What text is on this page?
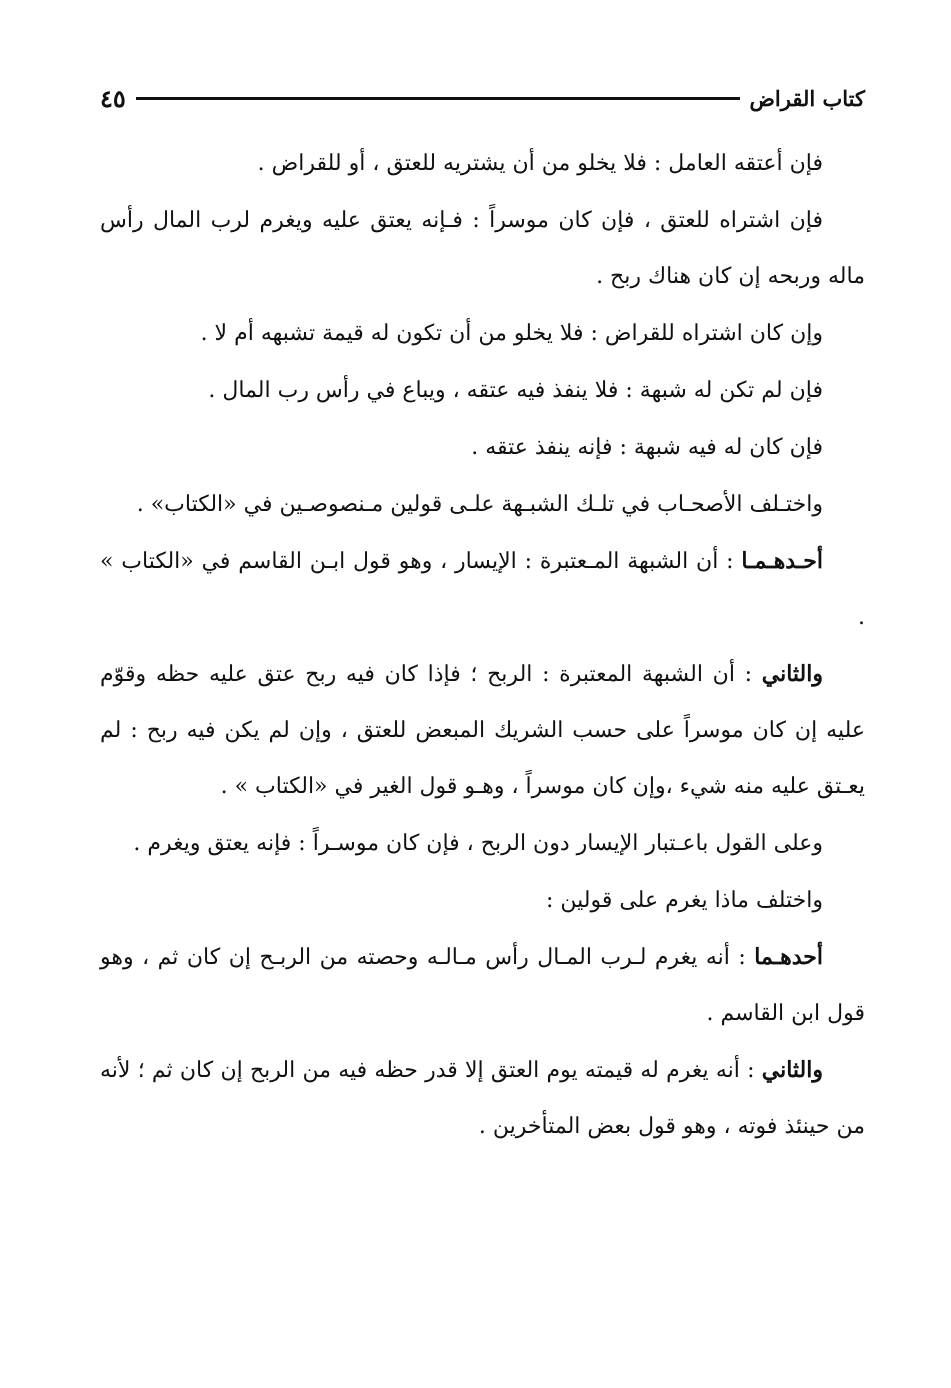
كتاب القراض
٤٥

فإن أعتقه العامل : فلا يخلو من أن يشتريه للعتق ، أو للقراض .

فإن اشتراه للعتق ، فإن كان موسراً : فـإنه يعتق عليه ويغرم لرب المال رأس ماله وربحه إن كان هناك ربح .

وإن كان اشتراه للقراض : فلا يخلو من أن تكون له قيمة تشبهه أم لا .

فإن لم تكن له شبهة : فلا ينفذ فيه عتقه ، ويباع في رأس رب المال .

فإن كان له فيه شبهة : فإنه ينفذ عتقه .

واختـلف الأصحـاب في تلـك الشبـهة علـى قولين مـنصوصـين في «الكتاب» .

أحـدهـمـا : أن الشبهة المـعتبرة : الإيسار ، وهو قول ابـن القاسم في «الكتاب » .

والثاني : أن الشبهة المعتبرة : الربح ؛ فإذا كان فيه ربح عتق عليه حظه وقوّم عليه إن كان موسراً على حسب الشريك المبعض للعتق ، وإن لم يكن فيه ربح : لم يعـتق عليه منه شيء ،وإن كان موسراً ، وهـو قول الغير في «الكتاب » .

وعلى القول باعـتبار الإيسار دون الربح ، فإن كان موسـراً : فإنه يعتق ويغرم .

واختلف ماذا يغرم على قولين :

أحدهـما : أنه يغرم لـرب المـال رأس مـالـه وحصته من الربـح إن كان ثم ، وهو قول ابن القاسم .

والثاني : أنه يغرم له قيمته يوم العتق إلا قدر حظه فيه من الربح إن كان ثم ؛ لأنه من حينئذ فوته ، وهو قول بعض المتأخرين .
